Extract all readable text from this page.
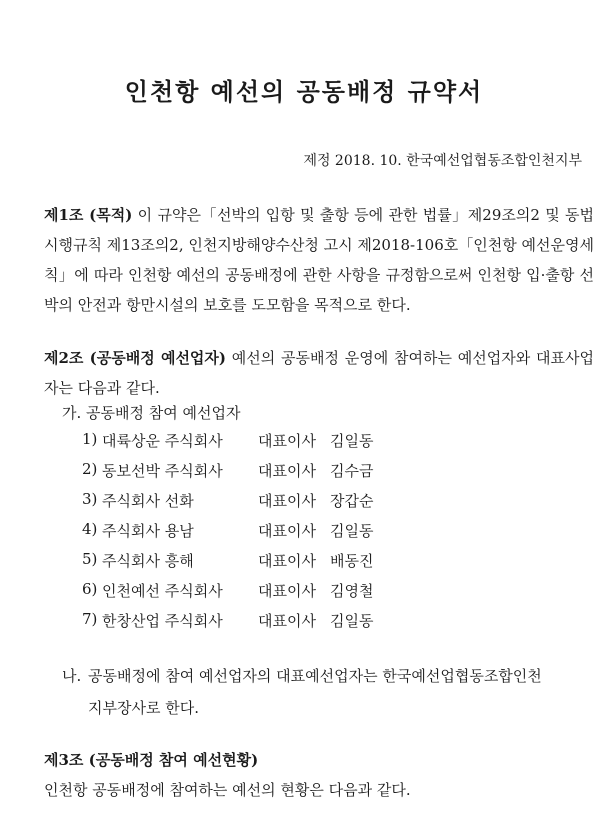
인천항 예선의 공동배정 규약서
제정 2018. 10. 한국예선업협동조합인천지부
제1조 (목적) 이 규약은「선박의 입항 및 출항 등에 관한 법률」제29조의2 및 동법 시행규칙 제13조의2, 인천지방해양수산청 고시 제2018-106호「인천항 예선운영세칙」에 따라 인천항 예선의 공동배정에 관한 사항을 규정함으로써 인천항 입·출항 선박의 안전과 항만시설의 보호를 도모함을 목적으로 한다.
제2조 (공동배정 예선업자) 예선의 공동배정 운영에 참여하는 예선업자와 대표사업자는 다음과 같다.
가. 공동배정 참여 예선업자
1) 대륙상운 주식회사	대표이사 김일동
2) 동보선박 주식회사	대표이사 김수금
3) 주식회사 선화	대표이사 장갑순
4) 주식회사 용남	대표이사 김일동
5) 주식회사 흥해	대표이사 배동진
6) 인천예선 주식회사	대표이사 김영철
7) 한창산업 주식회사	대표이사 김일동
나. 공동배정에 참여 예선업자의 대표예선업자는 한국예선업협동조합인천
지부장사로 한다.
제3조 (공동배정 참여 예선현황)
인천항 공동배정에 참여하는 예선의 현황은 다음과 같다.
